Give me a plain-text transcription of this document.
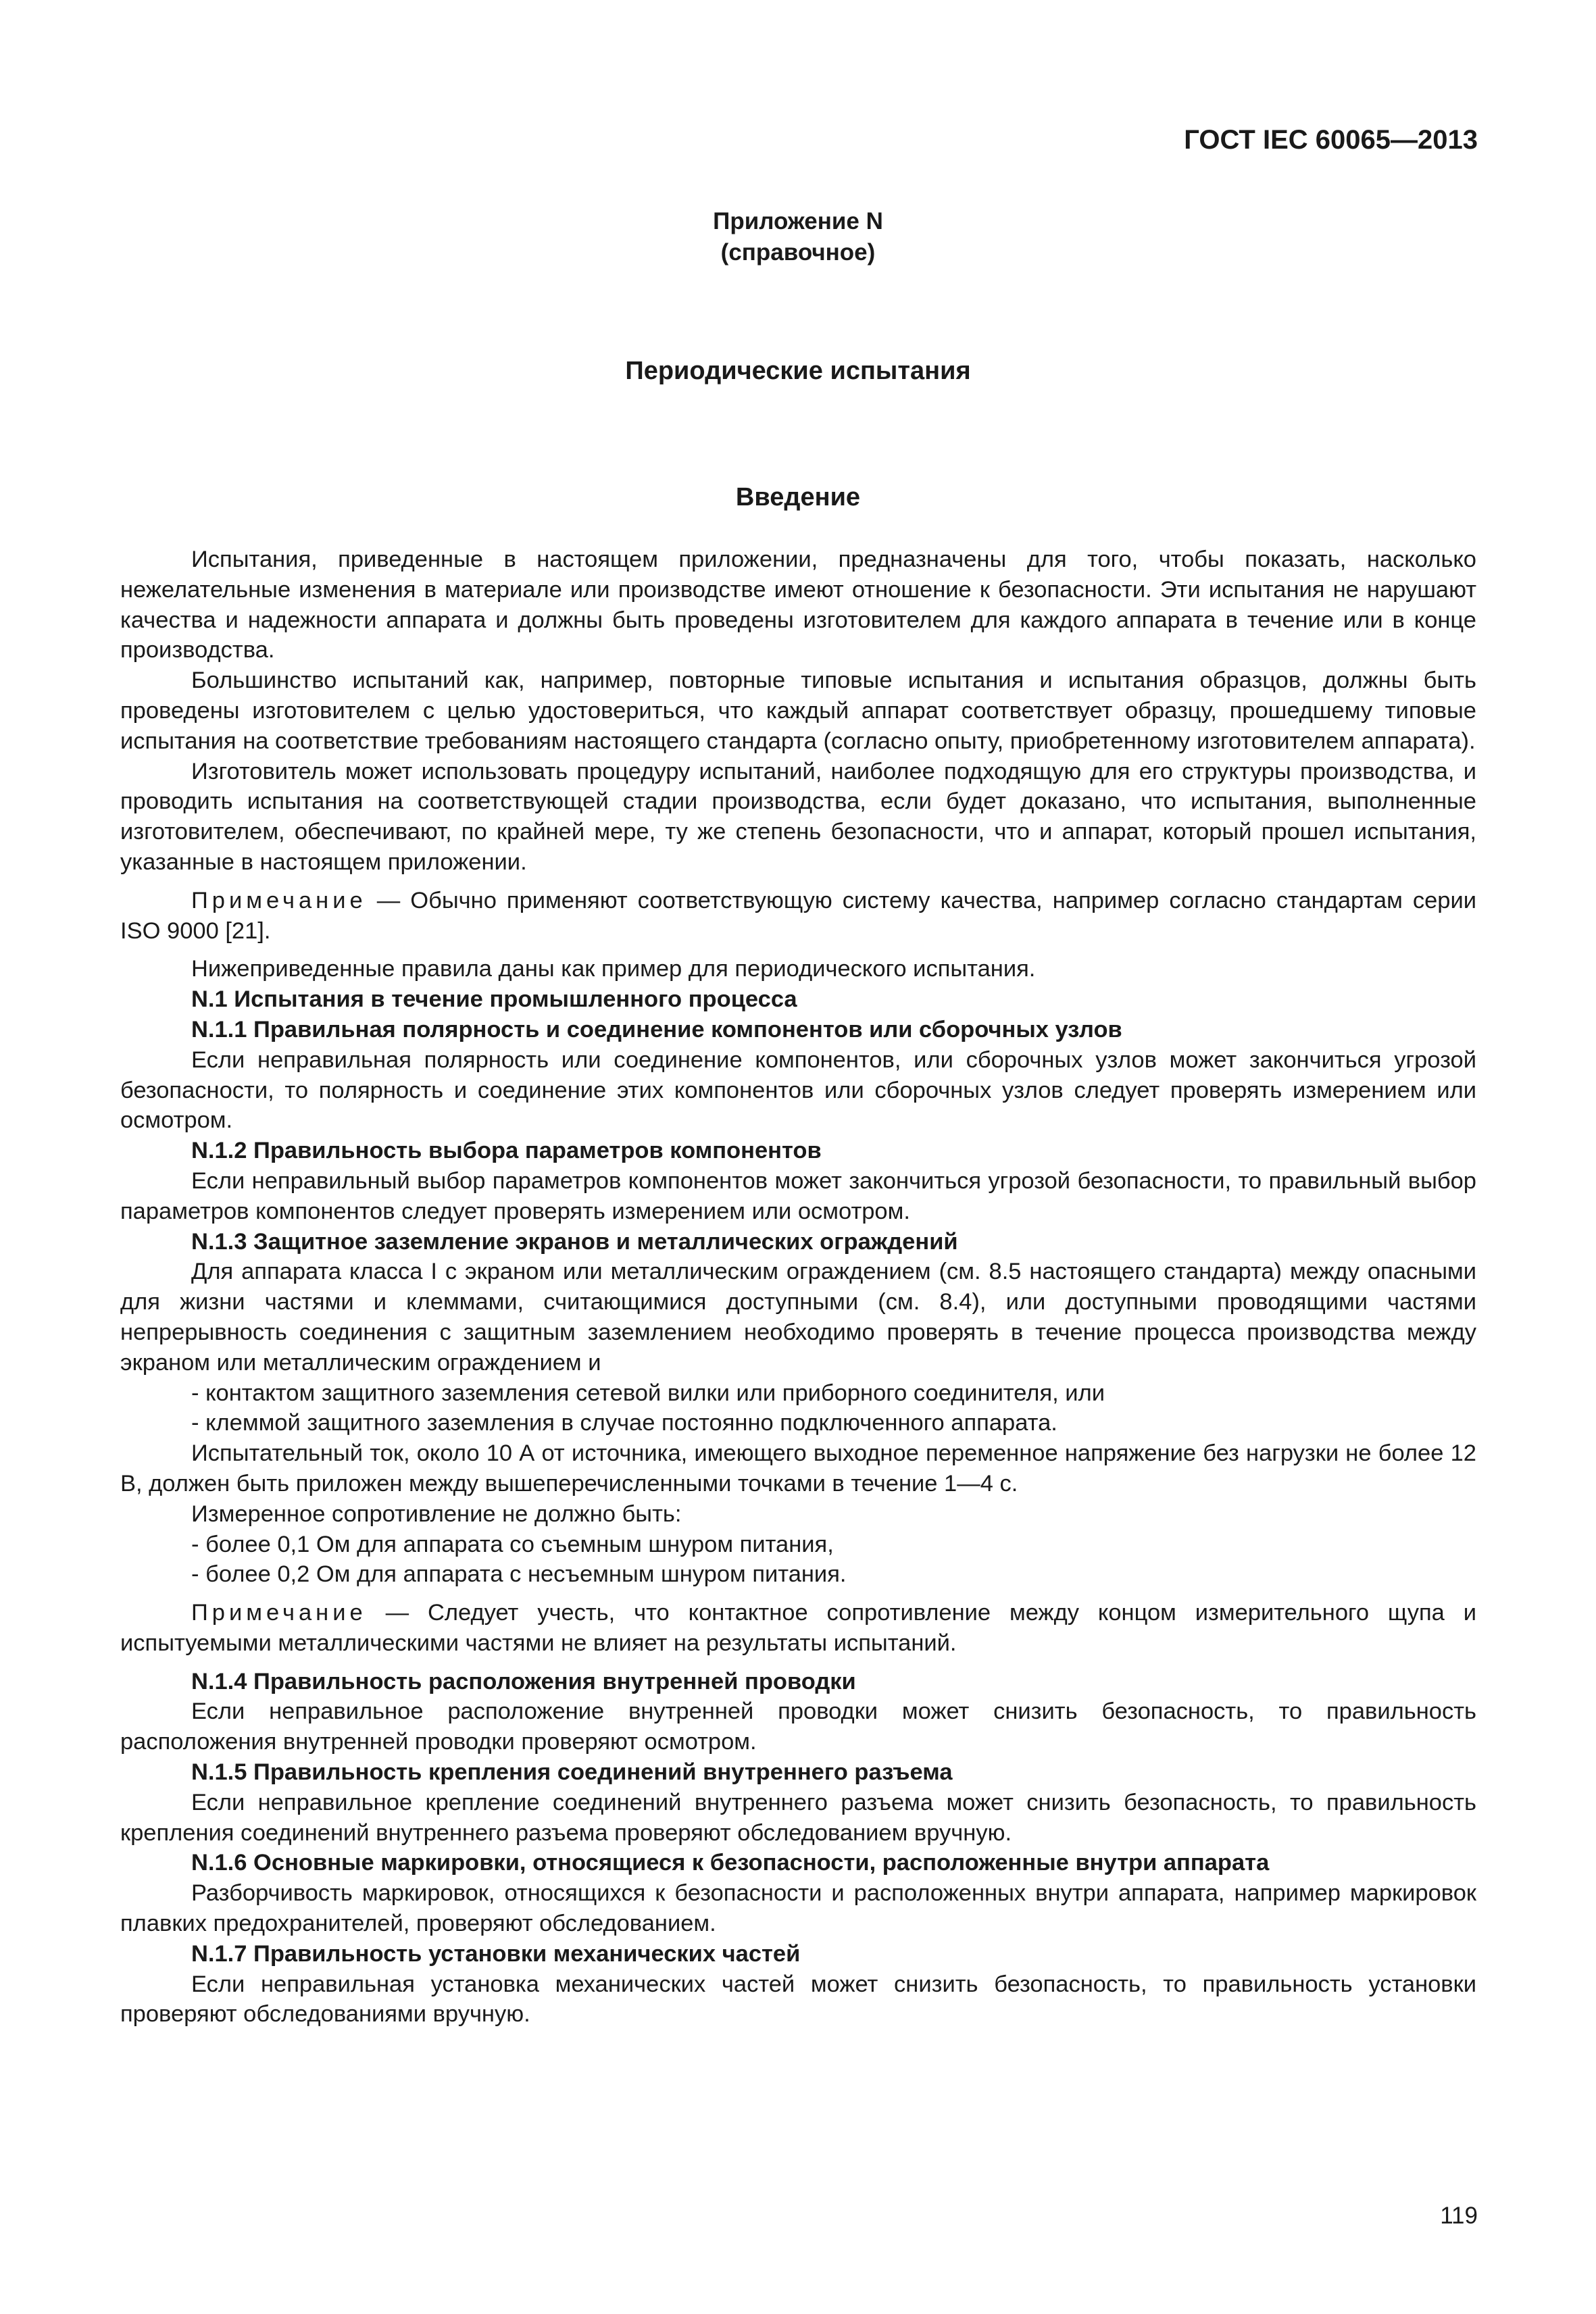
ГОСТ IEC 60065—2013
Приложение N
(справочное)
Периодические испытания
Введение

Испытания, приведенные в настоящем приложении, предназначены для того, чтобы показать, насколько нежелательные изменения в материале или производстве имеют отношение к безопасности. Эти испытания не нарушают качества и надежности аппарата и должны быть проведены изготовителем для каждого аппарата в течение или в конце производства.

Большинство испытаний как, например, повторные типовые испытания и испытания образцов, должны быть проведены изготовителем с целью удостовериться, что каждый аппарат соответствует образцу, прошедшему типовые испытания на соответствие требованиям настоящего стандарта (согласно опыту, приобретенному изготовителем аппарата).

Изготовитель может использовать процедуру испытаний, наиболее подходящую для его структуры производства, и проводить испытания на соответствующей стадии производства, если будет доказано, что испытания, выполненные изготовителем, обеспечивают, по крайней мере, ту же степень безопасности, что и аппарат, который прошел испытания, указанные в настоящем приложении.

Примечание — Обычно применяют соответствующую систему качества, например согласно стандартам серии ISO 9000 [21].

Нижеприведенные правила даны как пример для периодического испытания.

N.1 Испытания в течение промышленного процесса

N.1.1 Правильная полярность и соединение компонентов или сборочных узлов

Если неправильная полярность или соединение компонентов, или сборочных узлов может закончиться угрозой безопасности, то полярность и соединение этих компонентов или сборочных узлов следует проверять измерением или осмотром.

N.1.2 Правильность выбора параметров компонентов

Если неправильный выбор параметров компонентов может закончиться угрозой безопасности, то правильный выбор параметров компонентов следует проверять измерением или осмотром.

N.1.3 Защитное заземление экранов и металлических ограждений

Для аппарата класса I с экраном или металлическим ограждением (см. 8.5 настоящего стандарта) между опасными для жизни частями и клеммами, считающимися доступными (см. 8.4), или доступными проводящими частями непрерывность соединения с защитным заземлением необходимо проверять в течение процесса производства между экраном или металлическим ограждением и

- контактом защитного заземления сетевой вилки или приборного соединителя, или

- клеммой защитного заземления в случае постоянно подключенного аппарата.

Испытательный ток, около 10 А от источника, имеющего выходное переменное напряжение без нагрузки не более 12 В, должен быть приложен между вышеперечисленными точками в течение 1—4 с.

Измеренное сопротивление не должно быть:

- более 0,1 Ом для аппарата со съемным шнуром питания,

- более 0,2 Ом для аппарата с несъемным шнуром питания.

Примечание — Следует учесть, что контактное сопротивление между концом измерительного щупа и испытуемыми металлическими частями не влияет на результаты испытаний.

N.1.4 Правильность расположения внутренней проводки

Если неправильное расположение внутренней проводки может снизить безопасность, то правильность расположения внутренней проводки проверяют осмотром.

N.1.5 Правильность крепления соединений внутреннего разъема

Если неправильное крепление соединений внутреннего разъема может снизить безопасность, то правильность крепления соединений внутреннего разъема проверяют обследованием вручную.

N.1.6 Основные маркировки, относящиеся к безопасности, расположенные внутри аппарата

Разборчивость маркировок, относящихся к безопасности и расположенных внутри аппарата, например маркировок плавких предохранителей, проверяют обследованием.

N.1.7 Правильность установки механических частей

Если неправильная установка механических частей может снизить безопасность, то правильность установки проверяют обследованиями вручную.

119
